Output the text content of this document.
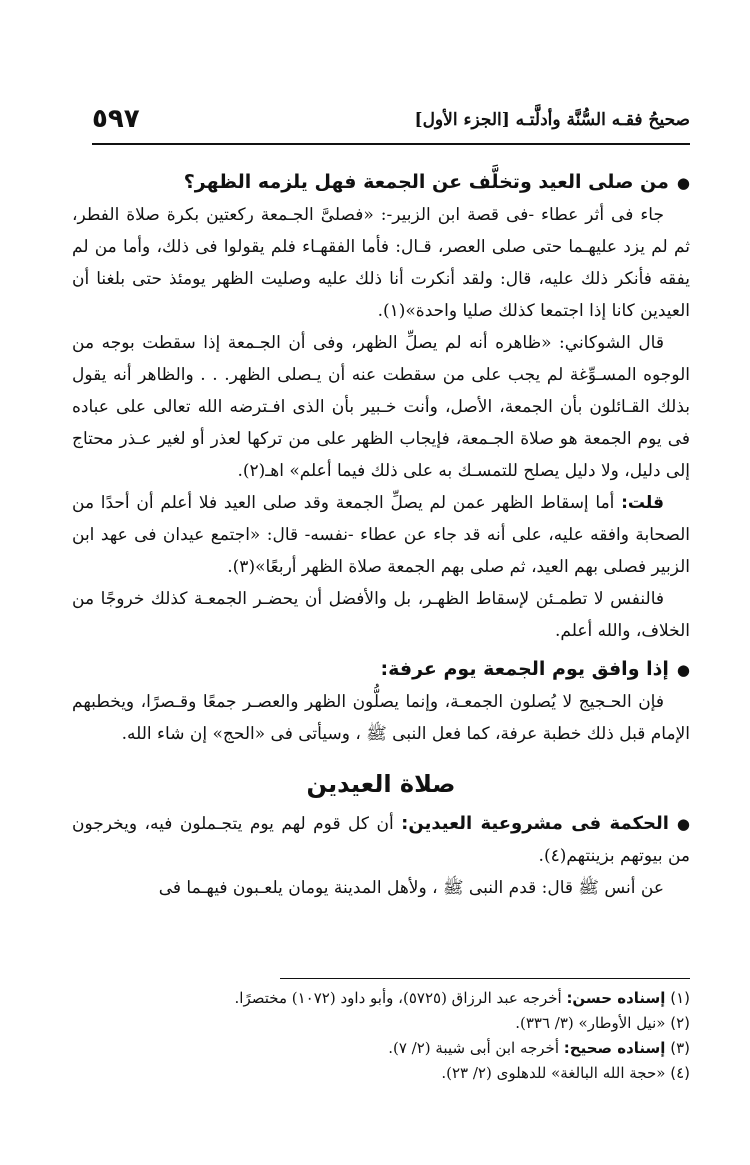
صحيحُ فقـه السُّنَّة وأدلَّتـه [الجزء الأول]
٥٩٧

●من صلى العيد وتخلَّف عن الجمعة فهل يلزمه الظهر؟

جاء فى أثر عطاء -فى قصة ابن الزبير-: «فصلىَّ الجـمعة ركعتين بكرة صلاة الفطر، ثم لم يزد عليهـما حتى صلى العصر، قـال: فأما الفقهـاء فلم يقولوا فى ذلك، وأما من لم يفقه فأنكر ذلك عليه، قال: ولقد أنكرت أنا ذلك عليه وصليت الظهر يومئذ حتى بلغنا أن العيدين كانا إذا اجتمعا كذلك صليا واحدة»(١).

قال الشوكاني: «ظاهره أنه لم يصلِّ الظهر، وفى أن الجـمعة إذا سقطت بوجه من الوجوه المسـوِّغة لم يجب على من سقطت عنه أن يـصلى الظهر. . . والظاهر أنه يقول بذلك القـائلون بأن الجمعة، الأصل، وأنت خـبير بأن الذى افـترضه الله تعالى على عباده فى يوم الجمعة هو صلاة الجـمعة، فإيجاب الظهر على من تركها لعذر أو لغير عـذر محتاج إلى دليل، ولا دليل يصلح للتمسـك به على ذلك فيما أعلم» اهـ(٢).

قلت: أما إسقاط الظهر عمن لم يصلِّ الجمعة وقد صلى العيد فلا أعلم أن أحدًا من الصحابة وافقه عليه، على أنه قد جاء عن عطاء -نفسه- قال: «اجتمع عيدان فى عهد ابن الزبير فصلى بهم العيد، ثم صلى بهم الجمعة صلاة الظهر أربعًا»(٣).

فالنفس لا تطمـئن لإسقاط الظهـر، بل والأفضل أن يحضـر الجمعـة كذلك خروجًا من الخلاف، والله أعلم.

●إذا وافق يوم الجمعة يوم عرفة:

فإن الحـجيج لا يُصلون الجمعـة، وإنما يصلُّون الظهر والعصـر جمعًا وقـصرًا، ويخطبهم الإمام قبل ذلك خطبة عرفة، كما فعل النبى ﷺ ، وسيأتى فى «الحج» إن شاء الله.

صلاة العيدين

●الحكمة فى مشروعية العيدين: أن كل قوم لهم يوم يتجـملون فيه، ويخرجون من بيوتهم بزينتهم(٤).

عن أنس ﷺ قال: قدم النبى ﷺ ، ولأهل المدينة يومان يلعـبون فيهـما فى

(١) إسناده حسن: أخرجه عبد الرزاق (٥٧٢٥)، وأبو داود (١٠٧٢) مختصرًا.

(٢) «نيل الأوطار» (٣/ ٣٣٦).

(٣) إسناده صحيح: أخرجه ابن أبى شيبة (٢/ ٧).

(٤) «حجة الله البالغة» للدهلوى (٢/ ٢٣).
